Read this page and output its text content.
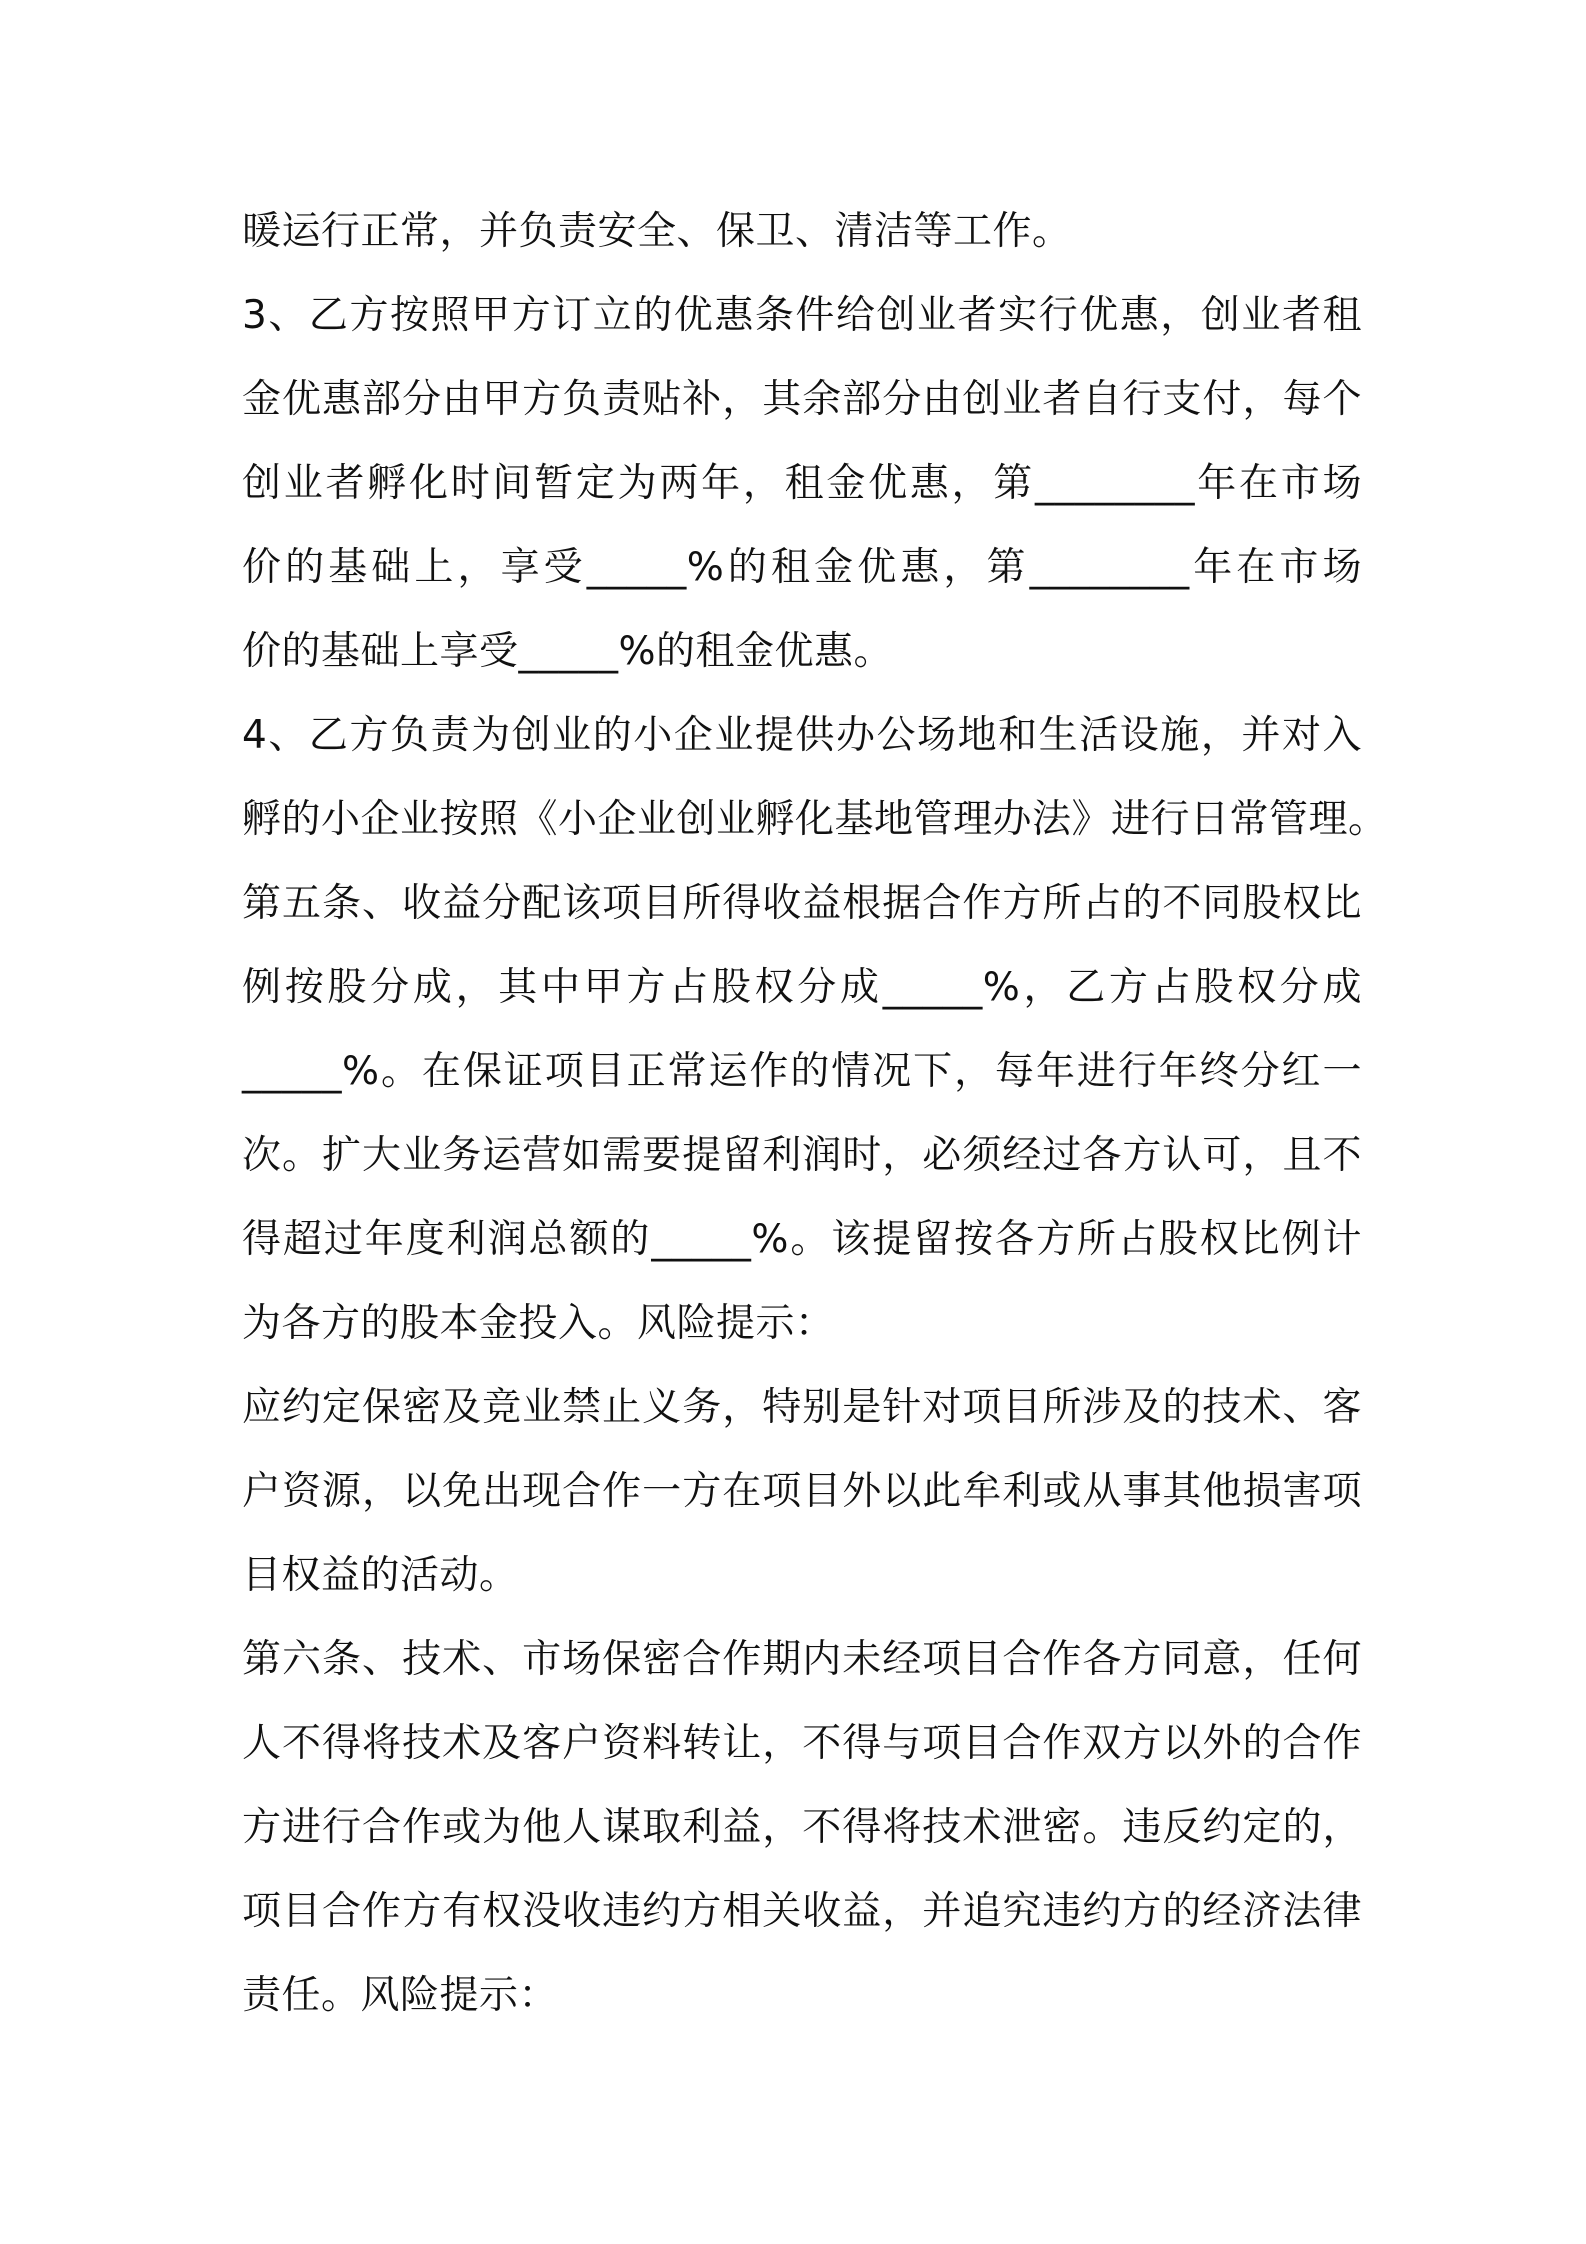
暖运行正常，并负责安全、保卫、清洁等工作。
3、乙方按照甲方订立的优惠条件给创业者实行优惠，创业者租
金优惠部分由甲方负责贴补，其余部分由创业者自行支付，每个
创业者孵化时间暂定为两年，租金优惠，第________年在市场
价的基础上，享受_____%的租金优惠，第________年在市场
价的基础上享受_____%的租金优惠。
4、乙方负责为创业的小企业提供办公场地和生活设施，并对入
孵的小企业按照《小企业创业孵化基地管理办法》进行日常管理。
第五条、收益分配该项目所得收益根据合作方所占的不同股权比
例按股分成，其中甲方占股权分成_____%，乙方占股权分成
_____%。在保证项目正常运作的情况下，每年进行年终分红一
次。扩大业务运营如需要提留利润时，必须经过各方认可，且不
得超过年度利润总额的_____%。该提留按各方所占股权比例计
为各方的股本金投入。风险提示：
应约定保密及竞业禁止义务，特别是针对项目所涉及的技术、客
户资源，以免出现合作一方在项目外以此牟利或从事其他损害项
目权益的活动。
第六条、技术、市场保密合作期内未经项目合作各方同意，任何
人不得将技术及客户资料转让，不得与项目合作双方以外的合作
方进行合作或为他人谋取利益，不得将技术泄密。违反约定的，
项目合作方有权没收违约方相关收益，并追究违约方的经济法律
责任。风险提示：
